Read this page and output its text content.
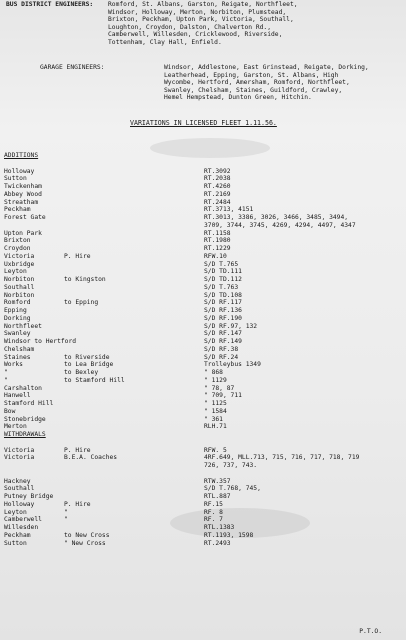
BUS DISTRICT ENGINEERS: Romford, St. Albans, Garston, Reigate, Northfleet,
Windsor, Holloway, Merton, Norbiton, Plumstead,
Brixton, Peckham, Upton Park, Victoria, Southall,
Loughton, Croydon, Dalston, Chalverton Rd.,
Camberwell, Willesden, Cricklewood, Riverside,
Tottenham, Clay Hall, Enfield.
GARAGE ENGINEERS:	Windsor, Addlestone, East Grinstead, Reigate, Dorking,
Leatherhead, Epping, Garston, St. Albans, High
Wycombe, Hertford, Amersham, Romford, Northfleet,
Swanley, Chelsham, Staines, Guildford, Crawley,
Hemel Hempstead, Dunton Green, Hitchin.
VARIATIONS IN LICENSED FLEET 1.11.56.
ADDITIONS
Holloway	RT.3092
Sutton	RT.2038
Twickenham	RT.4260
Abbey Wood	RT.2169
Streatham	RT.2484
Peckham	RT.3713, 4151
Forest Gate	RT.3013, 3386, 3026, 3466, 3485, 3494,
3709, 3744, 3745, 4269, 4294, 4497, 4347
Upton Park	RT.1158
Brixton	RT.1980
Croydon	RT.1229
Victoria	P. Hire	RFW.10
Uxbridge	S/D T.765
Leyton	S/D TD.111
Norbiton	to Kingston	S/D TD.112
Southall	S/D T.763
Norbiton	S/D TD.108
Romford	to Epping	S/D RF.117
Epping	S/D RF.136
Dorking	S/D RF.190
Northfleet	S/D RF.97, 132
Swanley	S/D RF.147
Windsor to Hertford	S/D RF.149
Chelsham	S/D RF.38
Staines	to Riverside	S/D RF.24
Works	to Lea Bridge	Trolleybus 1349
"	to Bexley	" 868
"	to Stamford Hill	" 1129
Carshalton	" 78, 87
Hanwell	" 709, 711
Stamford Hill	" 1125
Bow	" 1584
Stonebridge	" 361
Merton	RLH.71
WITHDRAWALS
Victoria	P. Hire	RFW. 5
Victoria	B.E.A. Coaches	4RF.649, MLL.713, 715, 716, 717, 718, 719
726, 737, 743.
Hackney	RTW.357
Southall	S/D T.768, 745,
Putney Bridge	RTL.887
Holloway	P. Hire	RF.15
Leyton	"	RF. 8
Camberwell	"	RF. 7
Willesden	RTL.1383
Peckham	to New Cross	RT.1193, 1598
Sutton	" New Cross	RT.2493
P.T.O.
